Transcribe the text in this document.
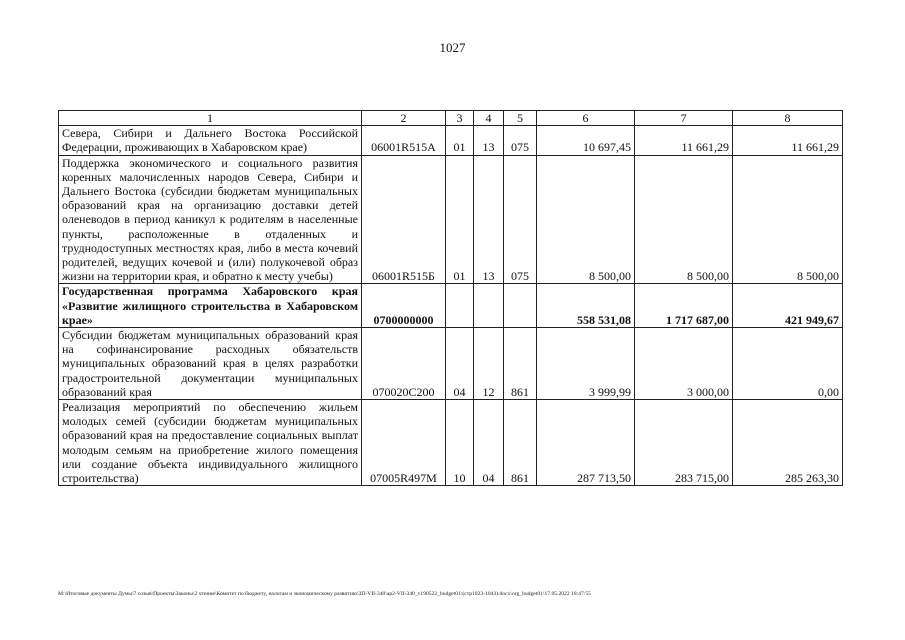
1027
1	2	3	4	5	6	7	8
Севера, Сибири и Дальнего Востока Российской Федерации, проживающих в Хабаровском крае)	06001R515А	01	13	075	10 697,45	11 661,29	11 661,29
Поддержка экономического и социального развития коренных малочисленных народов Севера, Сибири и Дальнего Востока (субсидии бюджетам муниципальных образований края на организацию доставки детей оленеводов в период каникул к родителям в населенные пункты, расположенные в отдаленных и труднодоступных местностях края, либо в места кочевий родителей, ведущих кочевой и (или) полукочевой образ жизни на территории края, и обратно к месту учебы)	06001R515Б	01	13	075	8 500,00	8 500,00	8 500,00
Государственная программа Хабаровского края «Развитие жилищного строительства в Хабаровском крае»	0700000000				558 531,08	1 717 687,00	421 949,67
Субсидии бюджетам муниципальных образований края на софинансирование расходных обязательств муниципальных образований края в целях разработки градостроительной документации муниципальных образований края	070020С200	04	12	861	3 999,99	3 000,00	0,00
Реализация мероприятий по обеспечению жильем молодых семей (субсидии бюджетам муниципальных образований края на предоставление социальных выплат молодым семьям на приобретение жилого помещения или создание объекта индивидуального жилищного строительства)	07005R497M	10	04	861	287 713,50	283 715,00	285 263,30
M:\Итоговые документы Думы\7 созыв\Проекты\Законы\2 чтение\Комитет по бюджету, налогам и экономическому развитию\ЗП-VII-340\ap2-VII-340_v190522_budget01\(стр1023-1043).docx\org_budget01\17.05.2022 18:47:55
